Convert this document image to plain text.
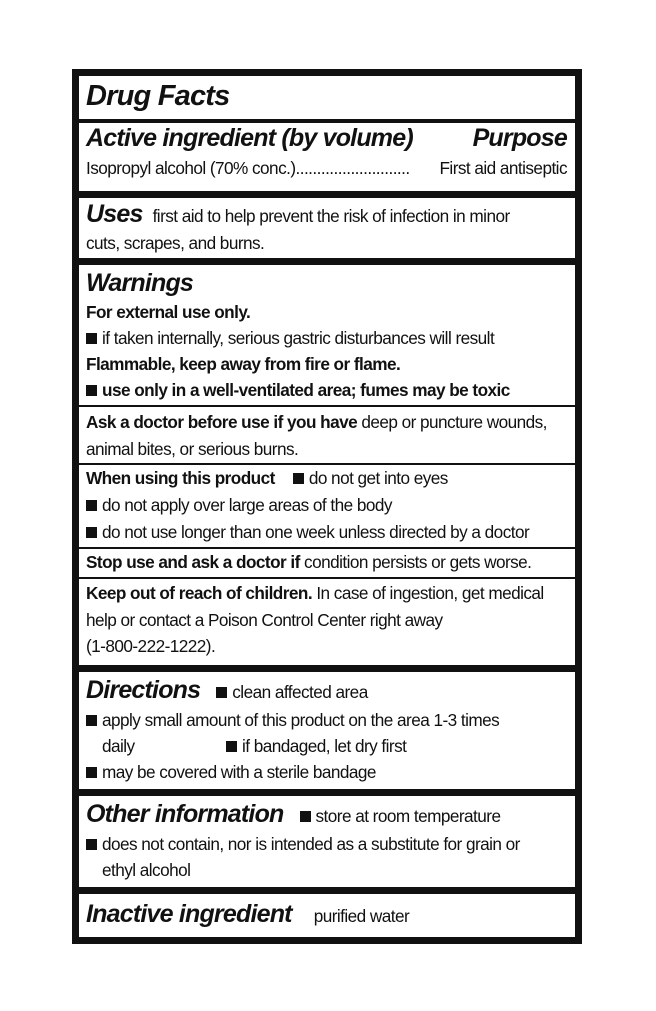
Drug Facts
Active ingredient (by volume) Purpose
Isopropyl alcohol (70% conc.)........................... First aid antiseptic
Uses first aid to help prevent the risk of infection in minor
cuts, scrapes, and burns.
Warnings
For external use only.
if taken internally, serious gastric disturbances will result
Flammable, keep away from fire or flame.
use only in a well-ventilated area; fumes may be toxic
Ask a doctor before use if you have deep or puncture wounds,
animal bites, or serious burns.
When using this product do not get into eyes
do not apply over large areas of the body
do not use longer than one week unless directed by a doctor
Stop use and ask a doctor if condition persists or gets worse.
Keep out of reach of children. In case of ingestion, get medical
help or contact a Poison Control Center right away
(1-800-222-1222).
Directions clean affected area
apply small amount of this product on the area 1-3 times
daily	if bandaged, let dry first
may be covered with a sterile bandage
Other information store at room temperature
does not contain, nor is intended as a substitute for grain or
ethyl alcohol
Inactive ingredient purified water
